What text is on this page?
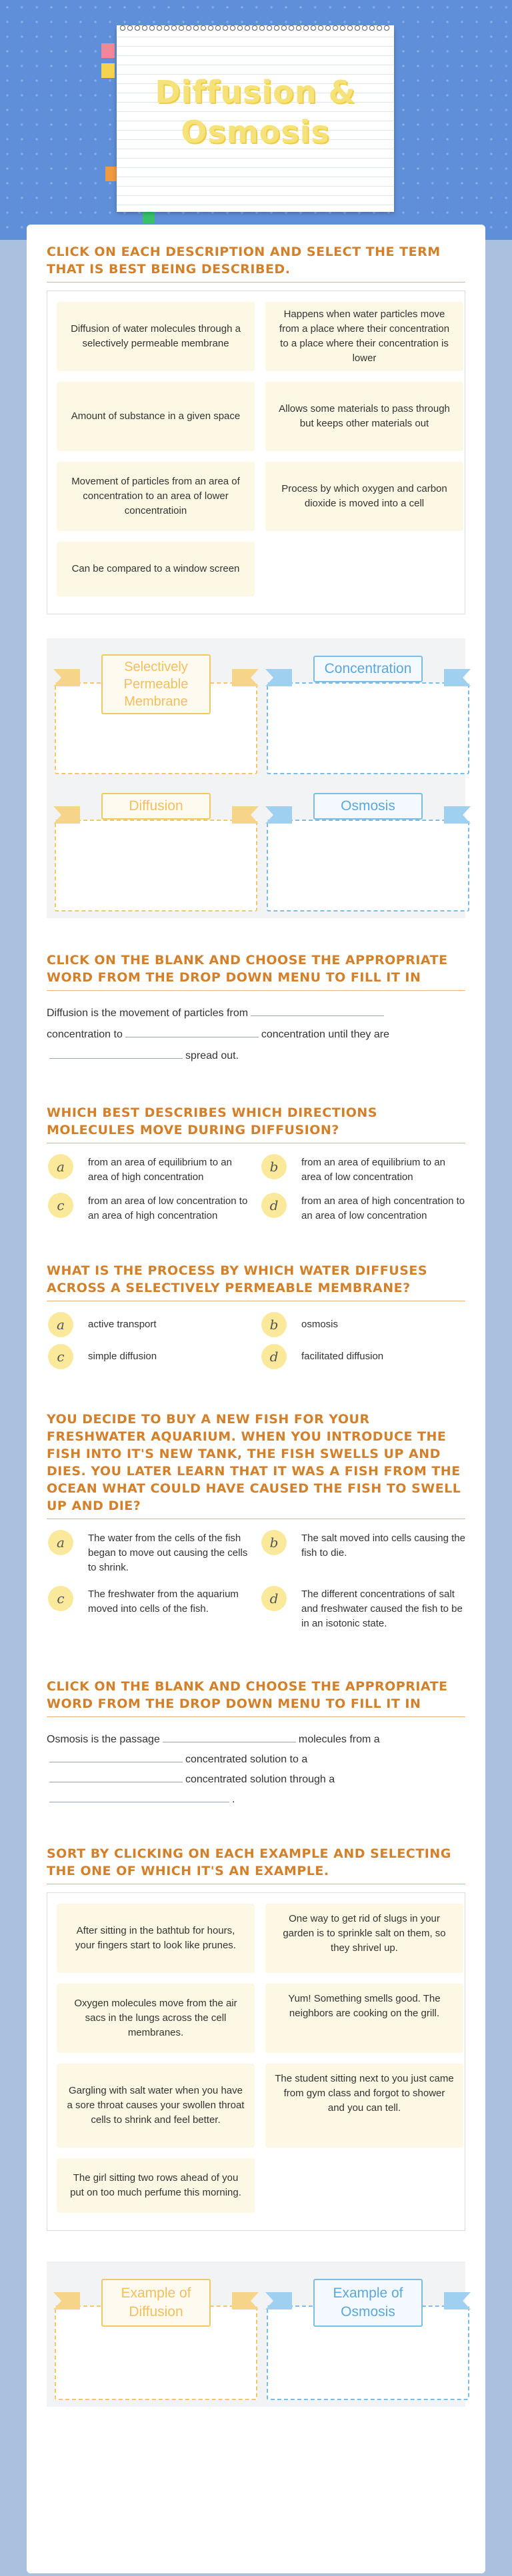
Diffusion & Osmosis
CLICK ON EACH DESCRIPTION AND SELECT THE TERM THAT IS BEST BEING DESCRIBED.
Diffusion of water molecules through a selectively permeable membrane
Happens when water particles move from a place where their concentration to a place where their concentration is lower
Amount of substance in a given space
Allows some materials to pass through but keeps other materials out
Movement of particles from an area of concentration to an area of lower concentratioin
Process by which oxygen and carbon dioxide is moved into a cell
Can be compared to a window screen
Selectively Permeable Membrane
Concentration
Diffusion	Osmosis
CLICK ON THE BLANK AND CHOOSE THE APPROPRIATE WORD FROM THE DROP DOWN MENU TO FILL IT IN
Diffusion is the movement of particles from
concentration to	concentration until they are
spread out.
WHICH BEST DESCRIBES WHICH DIRECTIONS MOLECULES MOVE DURING DIFFUSION?
a	from an area of equilibrium to an area of high concentration
b	from an area of equilibrium to an area of low concentration
c	from an area of low concentration to an area of high concentration
d	from an area of high concentration to an area of low concentration
WHAT IS THE PROCESS BY WHICH WATER DIFFUSES ACROSS A SELECTIVELY PERMEABLE MEMBRANE?
a	active transport	b	osmosis
c	simple diffusion	d	facilitated diffusion
YOU DECIDE TO BUY A NEW FISH FOR YOUR FRESHWATER AQUARIUM. WHEN YOU INTRODUCE THE FISH INTO IT'S NEW TANK, THE FISH SWELLS UP AND DIES. YOU LATER LEARN THAT IT WAS A FISH FROM THE OCEAN WHAT COULD HAVE CAUSED THE FISH TO SWELL UP AND DIE?
a	The water from the cells of the fish began to move out causing the cells to shrink.
b	The salt moved into cells causing the fish to die.
c	The freshwater from the aquarium moved into cells of the fish.
d	The different concentrations of salt and freshwater caused the fish to be in an isotonic state.
CLICK ON THE BLANK AND CHOOSE THE APPROPRIATE WORD FROM THE DROP DOWN MENU TO FILL IT IN
Osmosis is the passage	molecules from a
concentrated solution to a
concentrated solution through a
.
SORT BY CLICKING ON EACH EXAMPLE AND SELECTING THE ONE OF WHICH IT'S AN EXAMPLE.
After sitting in the bathtub for hours, your fingers start to look like prunes.
One way to get rid of slugs in your garden is to sprinkle salt on them, so they shrivel up.
Oxygen molecules move from the air sacs in the lungs across the cell membranes.
Yum! Something smells good. The neighbors are cooking on the grill.
Gargling with salt water when you have a sore throat causes your swollen throat cells to shrink and feel better.
The student sitting next to you just came from gym class and forgot to shower and you can tell.
The girl sitting two rows ahead of you put on too much perfume this morning.
Example of Diffusion
Example of Osmosis
